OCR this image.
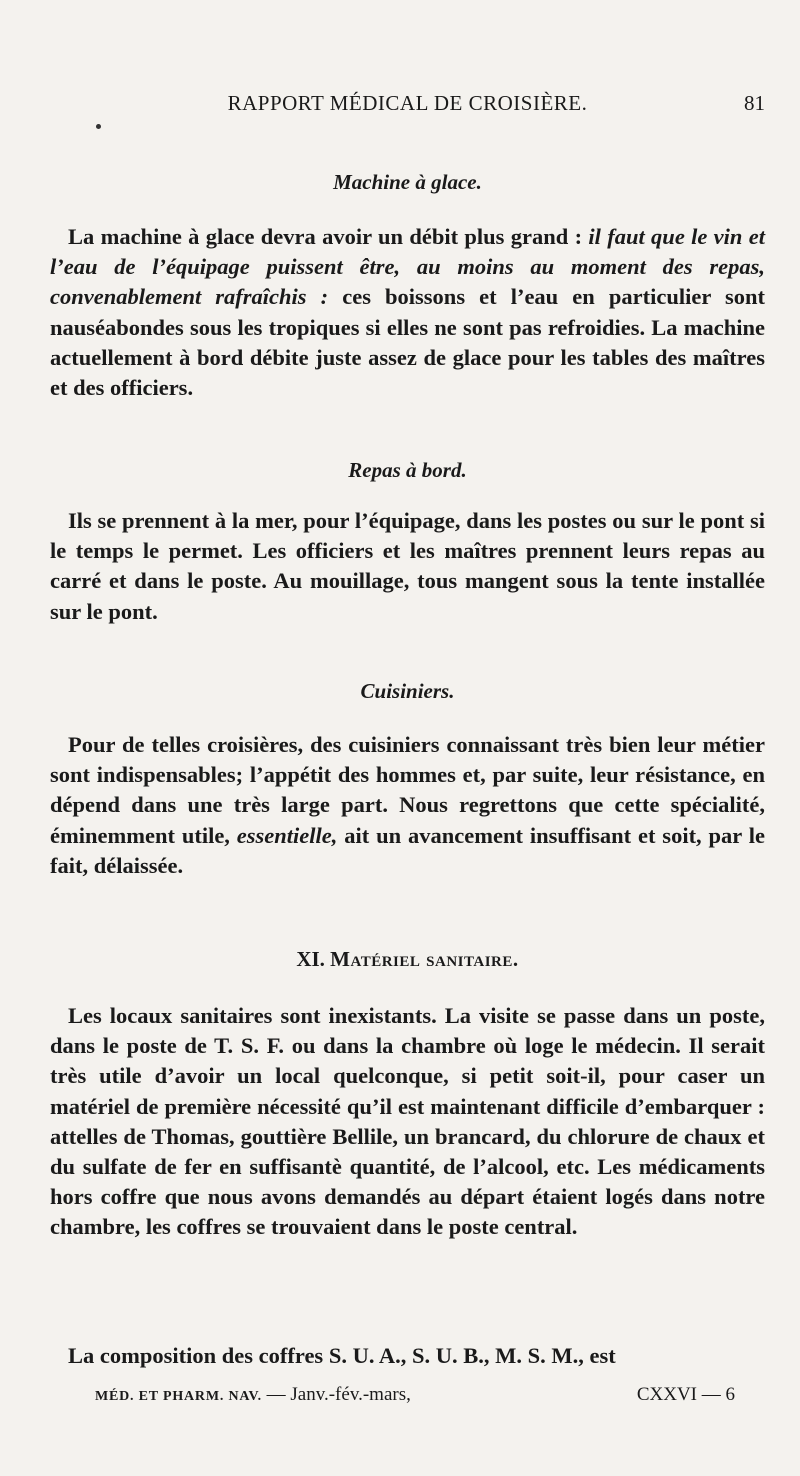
RAPPORT MÉDICAL DE CROISIÈRE.	81
Machine à glace.

La machine à glace devra avoir un débit plus grand : il faut que le vin et l’eau de l’équipage puissent être, au moins au moment des repas, convenablement rafraîchis : ces boissons et l’eau en particulier sont nauséabondes sous les tropiques si elles ne sont pas refroidies. La machine actuellement à bord débite juste assez de glace pour les tables des maîtres et des officiers.

Repas à bord.

Ils se prennent à la mer, pour l’équipage, dans les postes ou sur le pont si le temps le permet. Les officiers et les maîtres prennent leurs repas au carré et dans le poste. Au mouillage, tous mangent sous la tente installée sur le pont.

Cuisiniers.

Pour de telles croisières, des cuisiniers connaissant très bien leur métier sont indispensables; l’appétit des hommes et, par suite, leur résistance, en dépend dans une très large part. Nous regrettons que cette spécialité, éminemment utile, essentielle, ait un avancement insuffisant et soit, par le fait, délaissée.

XI. Matériel sanitaire.

Les locaux sanitaires sont inexistants. La visite se passe dans un poste, dans le poste de T. S. F. ou dans la chambre où loge le médecin. Il serait très utile d’avoir un local quelconque, si petit soit-il, pour caser un matériel de première nécessité qu’il est maintenant difficile d’embarquer : attelles de Thomas, gouttière Bellile, un brancard, du chlorure de chaux et du sulfate de fer en suffisantè quantité, de l’alcool, etc. Les médicaments hors coffre que nous avons demandés au départ étaient logés dans notre chambre, les coffres se trouvaient dans le poste central.

La composition des coffres S. U. A., S. U. B., M. S. M., est

MÉD. ET PHARM. NAV. — Janv.-fév.-mars,	CXXVI — 6
